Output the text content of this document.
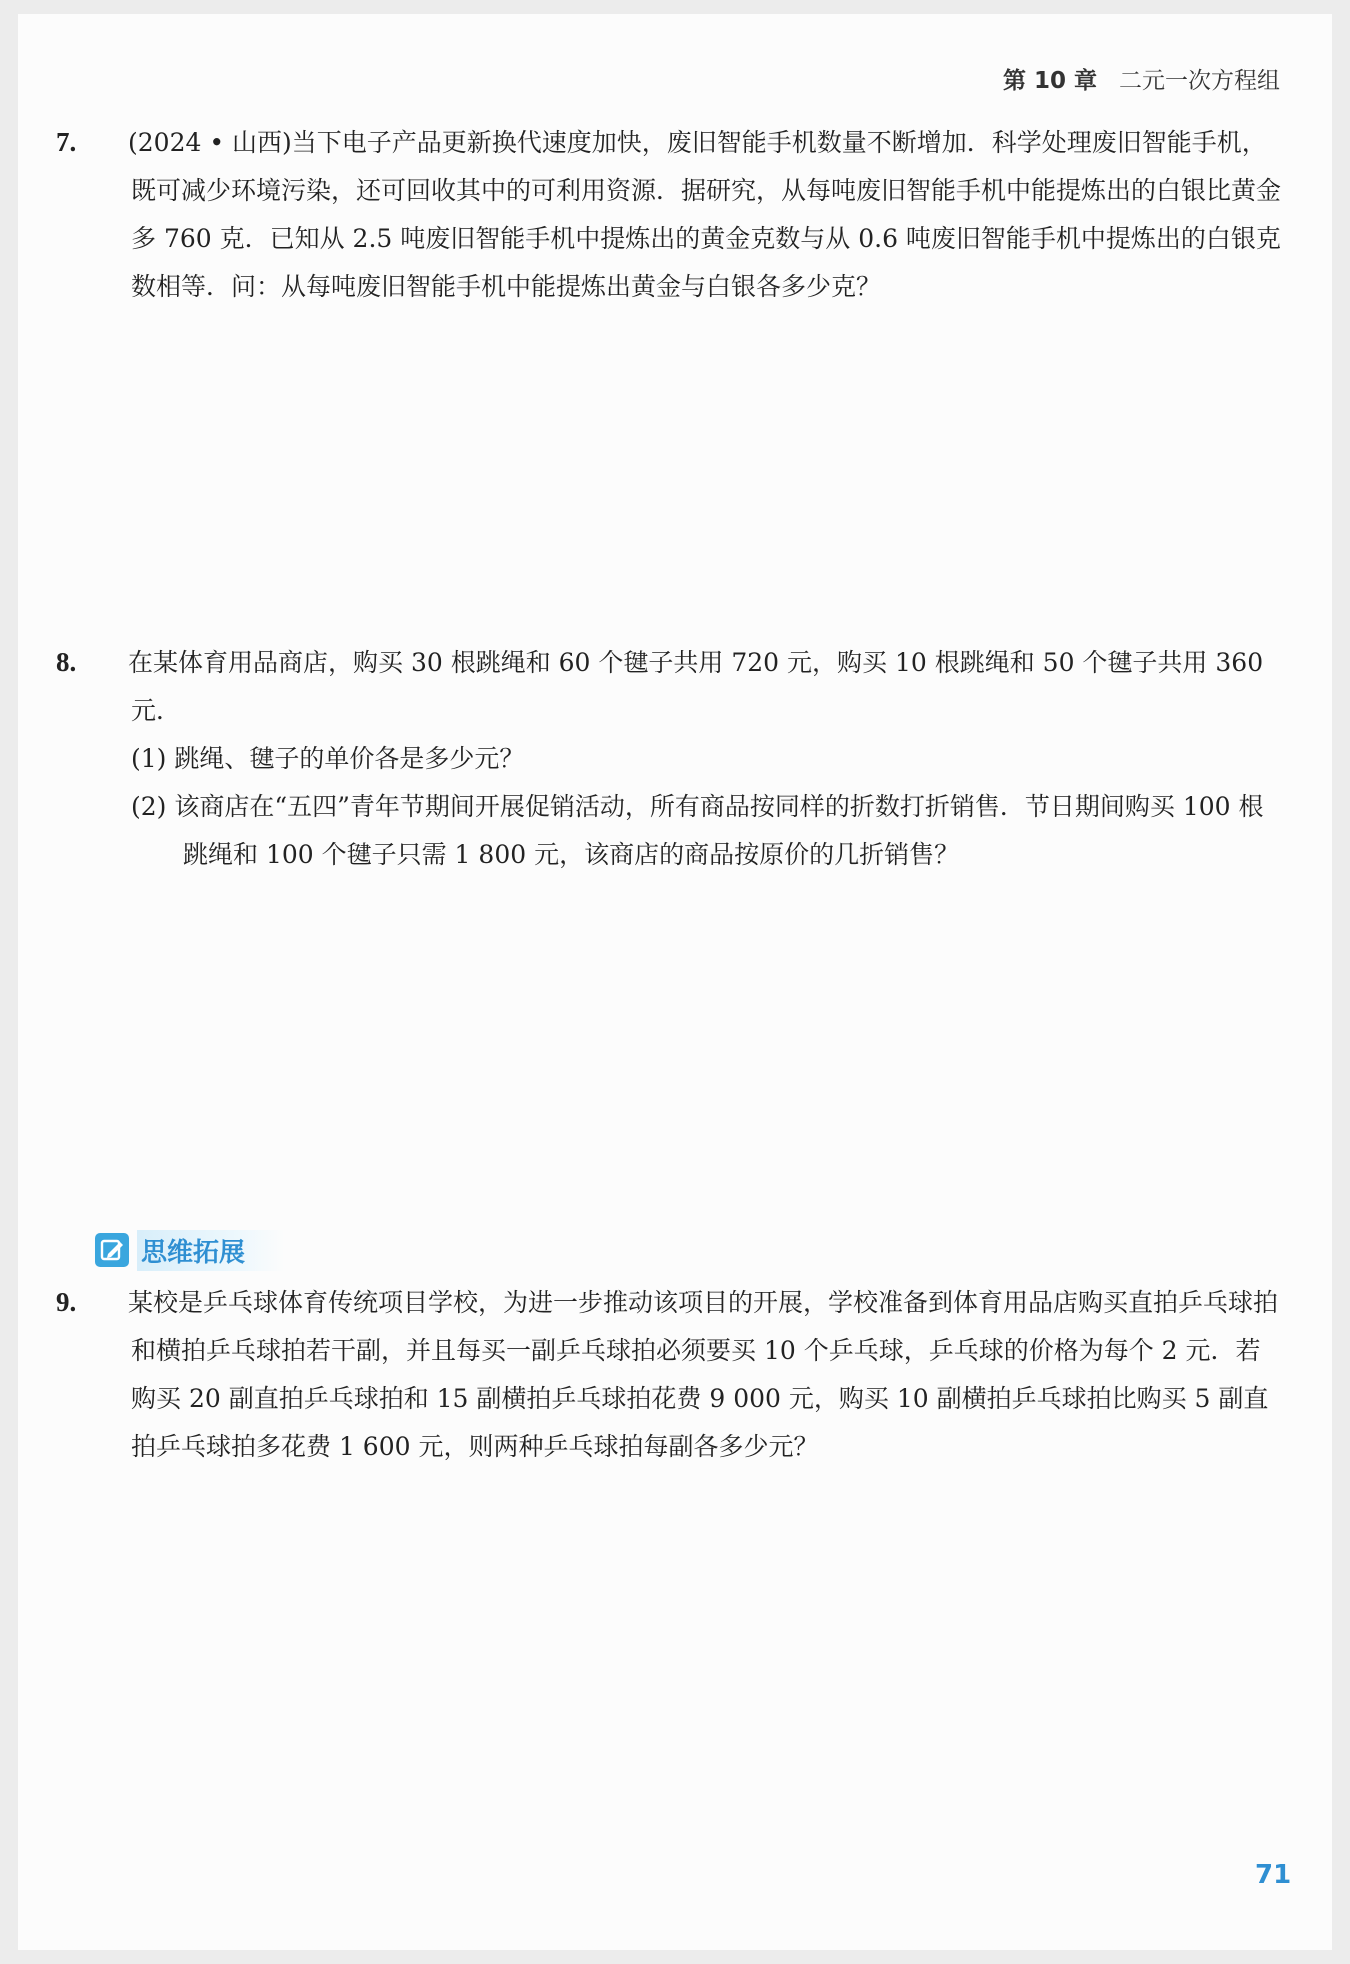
第 10 章 二元一次方程组
7. (2024 • 山西)当下电子产品更新换代速度加快，废旧智能手机数量不断增加．科学处理废旧智能手机，既可减少环境污染，还可回收其中的可利用资源．据研究，从每吨废旧智能手机中能提炼出的白银比黄金多 760 克．已知从 2.5 吨废旧智能手机中提炼出的黄金克数与从 0.6 吨废旧智能手机中提炼出的白银克数相等．问：从每吨废旧智能手机中能提炼出黄金与白银各多少克？
8. 在某体育用品商店，购买 30 根跳绳和 60 个毽子共用 720 元，购买 10 根跳绳和 50 个毽子共用 360 元．
(1) 跳绳、毽子的单价各是多少元？
(2) 该商店在“五四”青年节期间开展促销活动，所有商品按同样的折数打折销售．节日期间购买 100 根跳绳和 100 个毽子只需 1 800 元，该商店的商品按原价的几折销售？
思维拓展
9. 某校是乒乓球体育传统项目学校，为进一步推动该项目的开展，学校准备到体育用品店购买直拍乒乓球拍和横拍乒乓球拍若干副，并且每买一副乒乓球拍必须要买 10 个乒乓球，乒乓球的价格为每个 2 元．若购买 20 副直拍乒乓球拍和 15 副横拍乒乓球拍花费 9 000 元，购买 10 副横拍乒乓球拍比购买 5 副直拍乒乓球拍多花费 1 600 元，则两种乒乓球拍每副各多少元？
71
